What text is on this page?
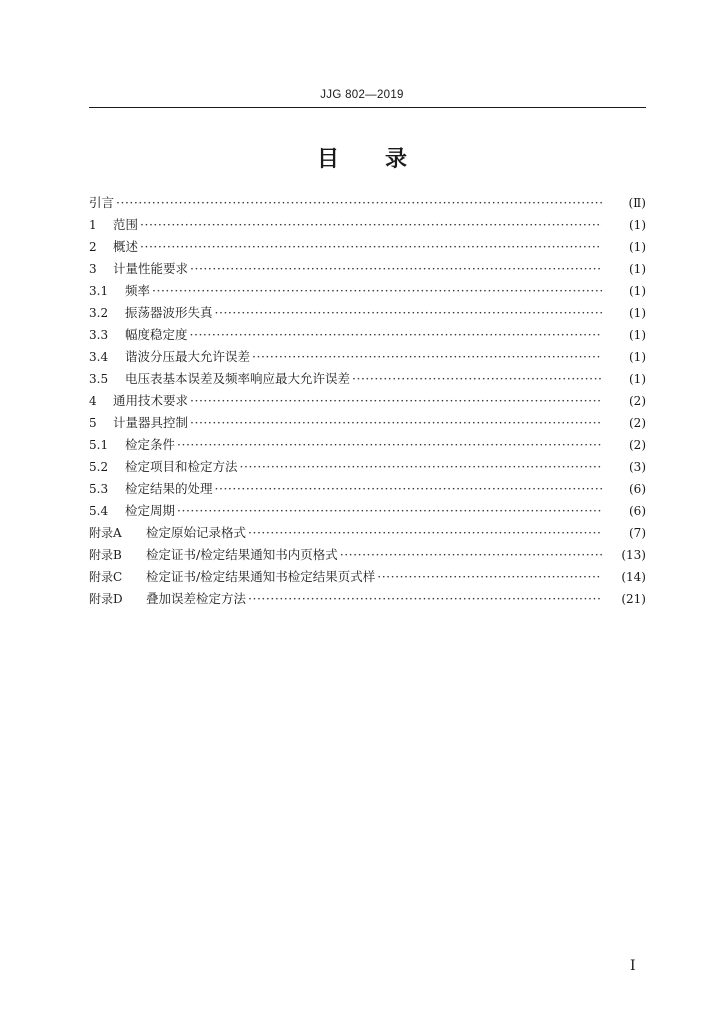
JJG 802—2019
目 录
引言 ·····	(Ⅱ)
1	范围 ·····	(1)
2	概述 ·····	(1)
3	计量性能要求 ·····	(1)
3.1	频率 ·····	(1)
3.2	振荡器波形失真 ·····	(1)
3.3	幅度稳定度 ·····	(1)
3.4	谐波分压最大允许误差 ·····	(1)
3.5	电压表基本误差及频率响应最大允许误差 ·····	(1)
4	通用技术要求 ·····	(2)
5	计量器具控制 ·····	(2)
5.1	检定条件 ·····	(2)
5.2	检定项目和检定方法 ·····	(3)
5.3	检定结果的处理 ·····	(6)
5.4	检定周期 ·····	(6)
附录A	检定原始记录格式 ·····	(7)
附录B	检定证书/检定结果通知书内页格式 ·····	(13)
附录C	检定证书/检定结果通知书检定结果页式样 ·····	(14)
附录D	叠加误差检定方法 ·····	(21)
I
